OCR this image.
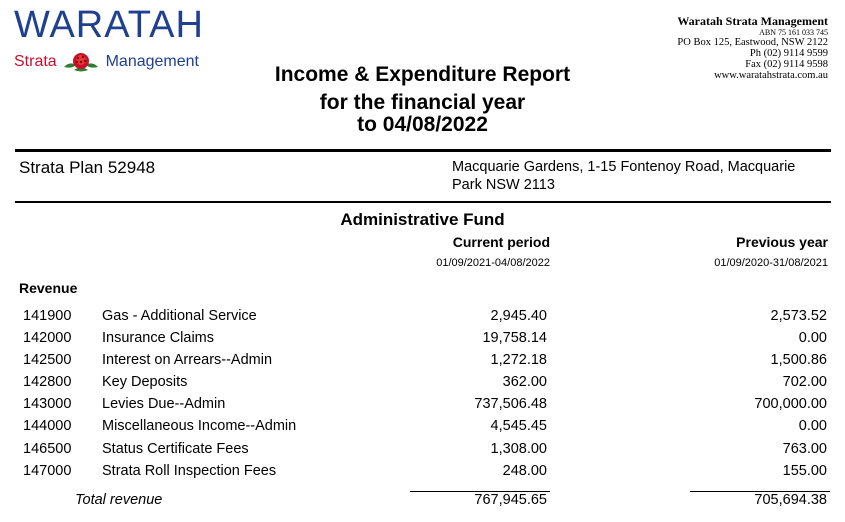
WARATAH
Strata	Management
Waratah Strata Management
ABN 75 161 033 745
PO Box 125, Eastwood, NSW 2122
Ph (02) 9114 9599
Fax (02) 9114 9598
www.waratahstrata.com.au
Income & Expenditure Report
for the financial year
to 04/08/2022
Strata Plan 52948	Macquarie Gardens, 1-15 Fontenoy Road, Macquarie
Park NSW 2113
Administrative Fund
Current period
01/09/2021-04/08/2022
Previous year
01/09/2020-31/08/2021
Revenue
141900 Gas - Additional Service	2,945.40	2,573.52
142000 Insurance Claims	19,758.14	0.00
142500 Interest on Arrears--Admin	1,272.18	1,500.86
142800 Key Deposits	362.00	702.00
143000 Levies Due--Admin	737,506.48	700,000.00
144000 Miscellaneous Income--Admin	4,545.45	0.00
146500 Status Certificate Fees	1,308.00	763.00
147000 Strata Roll Inspection Fees	248.00	155.00
Total revenue	767,945.65	705,694.38
